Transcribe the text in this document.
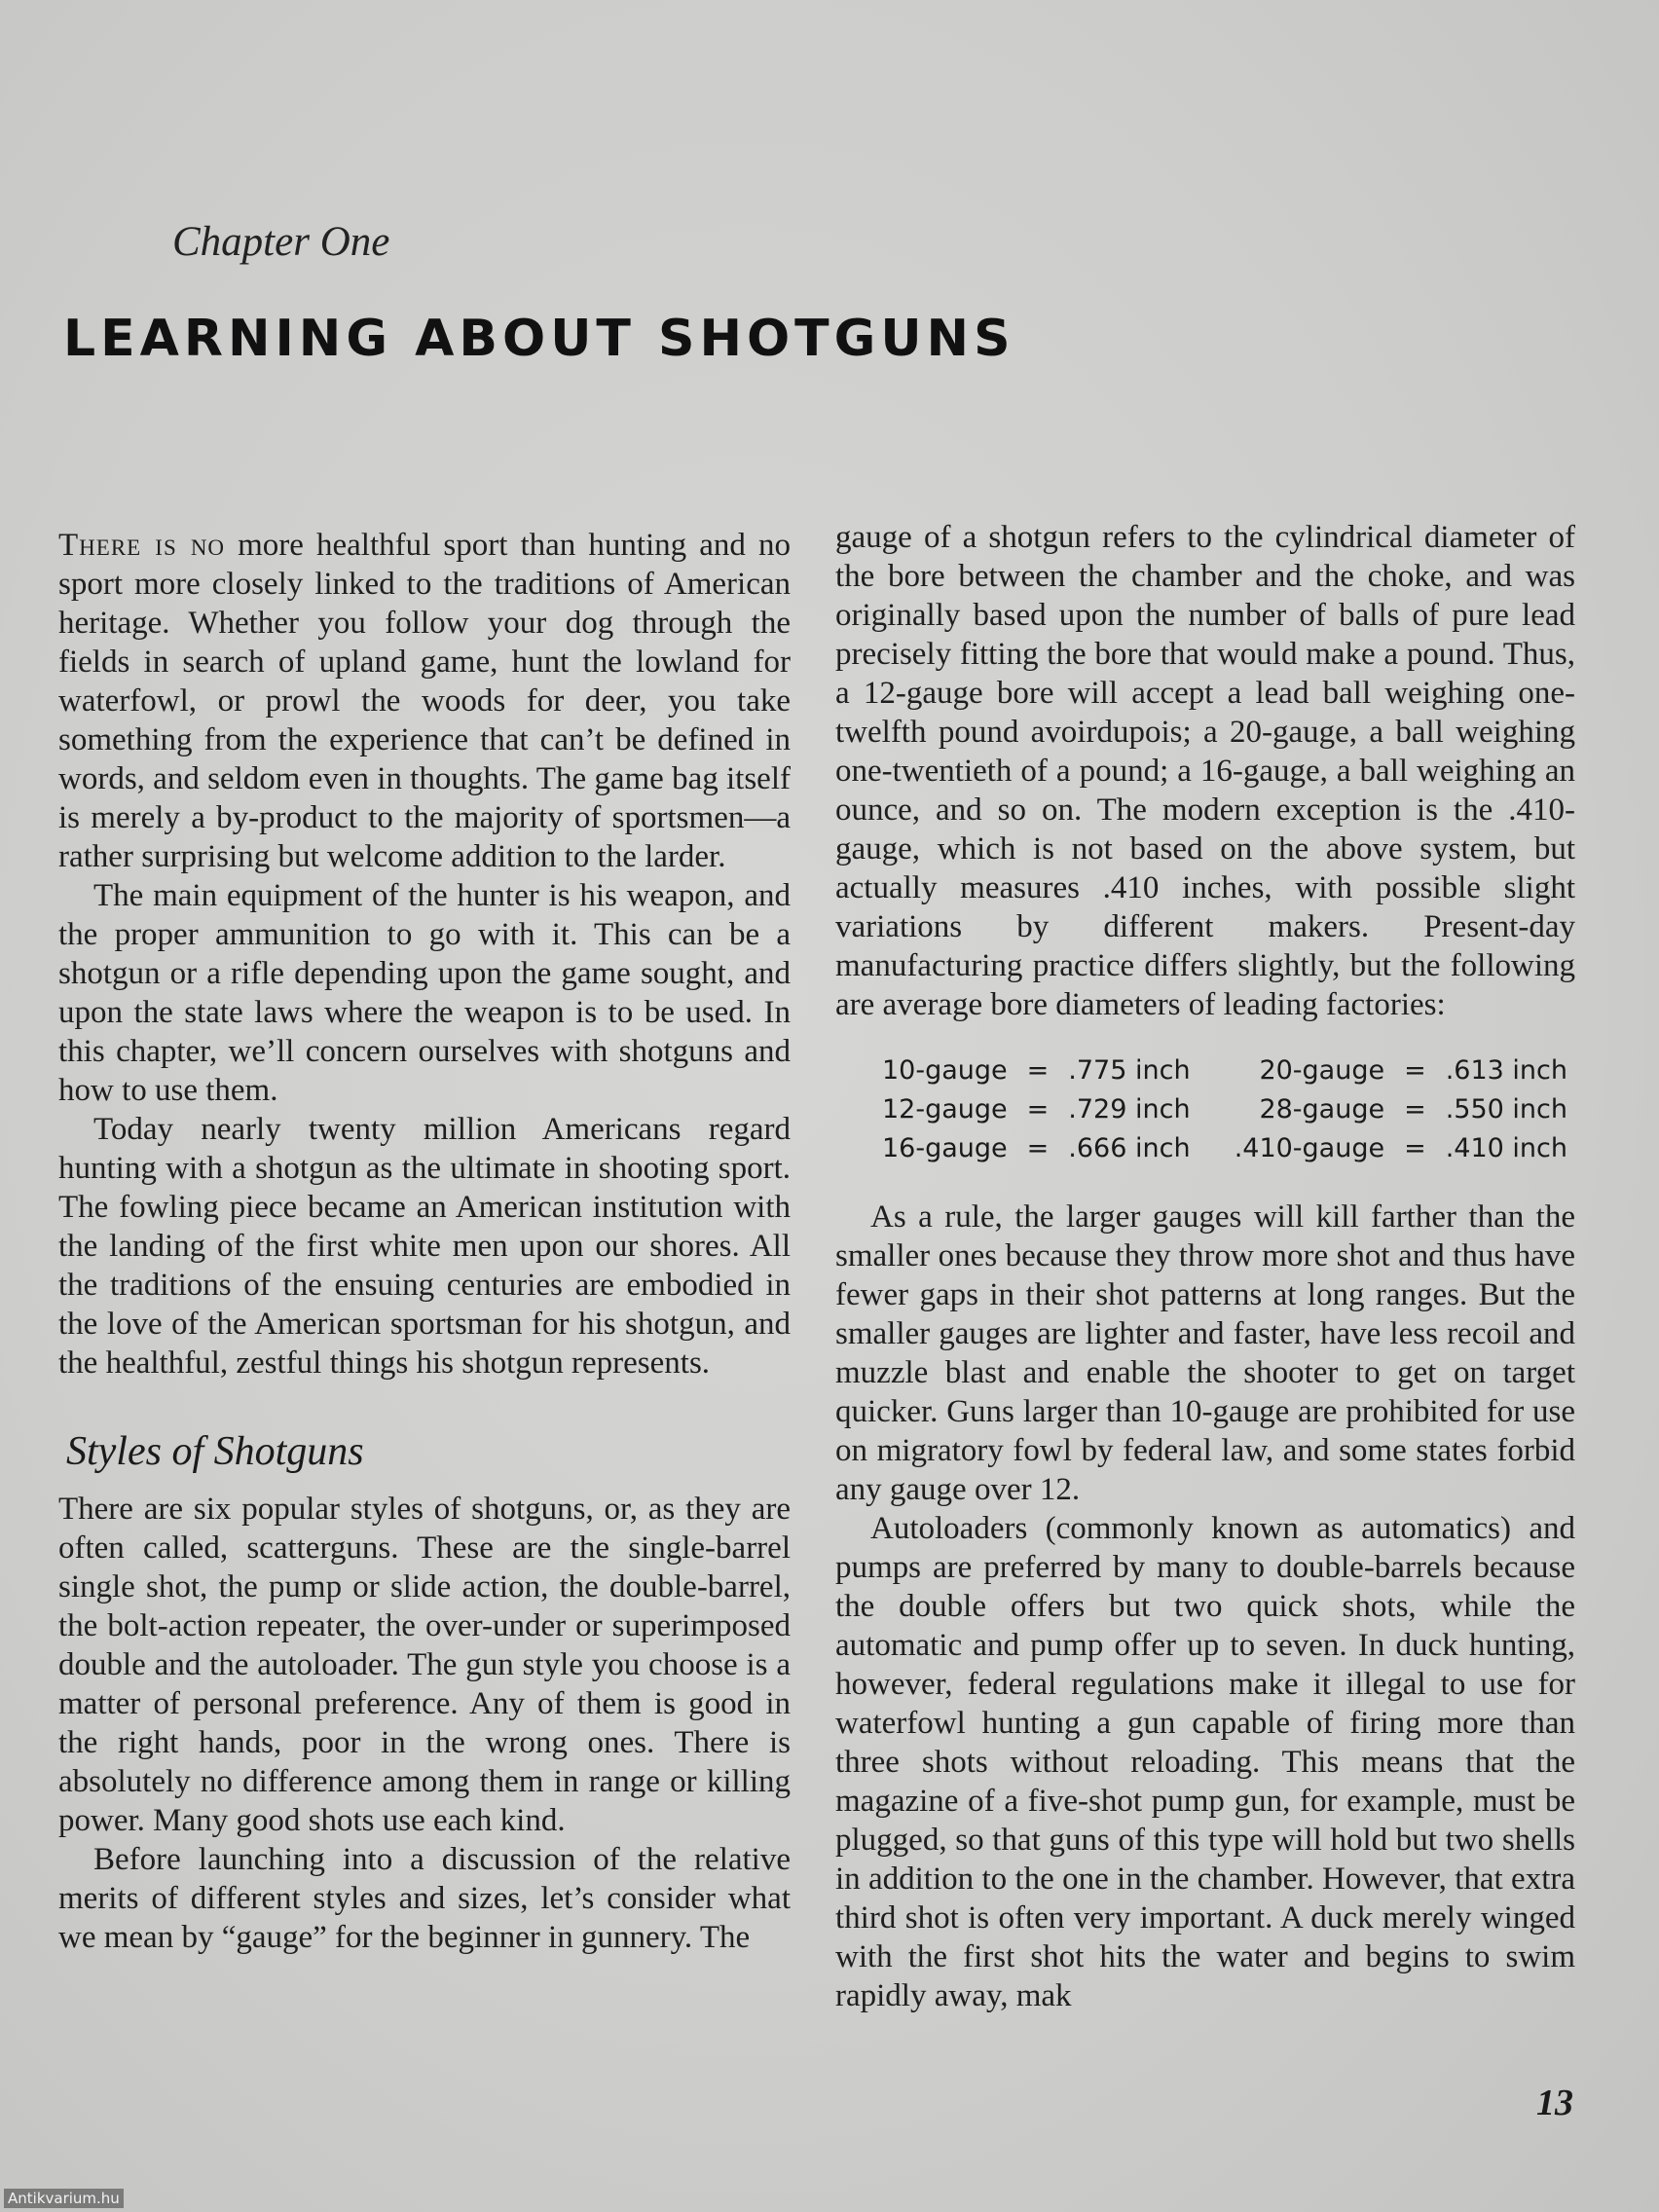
Chapter One
LEARNING ABOUT SHOTGUNS

There is no more healthful sport than hunting and no sport more closely linked to the traditions of American heritage. Whether you follow your dog through the fields in search of upland game, hunt the lowland for waterfowl, or prowl the woods for deer, you take something from the experience that can’t be defined in words, and seldom even in thoughts. The game bag itself is merely a by-product to the majority of sportsmen—a rather surprising but welcome addition to the larder.

The main equipment of the hunter is his weapon, and the proper ammunition to go with it. This can be a shotgun or a rifle depending upon the game sought, and upon the state laws where the weapon is to be used. In this chapter, we’ll concern ourselves with shotguns and how to use them.

Today nearly twenty million Americans regard hunting with a shotgun as the ultimate in shooting sport. The fowling piece became an American institution with the landing of the first white men upon our shores. All the traditions of the ensuing centuries are embodied in the love of the American sportsman for his shotgun, and the healthful, zestful things his shotgun represents.

Styles of Shotguns

There are six popular styles of shotguns, or, as they are often called, scatterguns. These are the single-barrel single shot, the pump or slide action, the double-barrel, the bolt-action repeater, the over-under or superimposed double and the autoloader. The gun style you choose is a matter of personal preference. Any of them is good in the right hands, poor in the wrong ones. There is absolutely no difference among them in range or killing power. Many good shots use each kind.

Before launching into a discussion of the relative merits of different styles and sizes, let’s consider what we mean by “gauge” for the beginner in gunnery. The

gauge of a shotgun refers to the cylindrical diameter of the bore between the chamber and the choke, and was originally based upon the number of balls of pure lead precisely fitting the bore that would make a pound. Thus, a 12-gauge bore will accept a lead ball weighing one-twelfth pound avoirdupois; a 20-gauge, a ball weighing one-twentieth of a pound; a 16-gauge, a ball weighing an ounce, and so on. The modern exception is the .410-gauge, which is not based on the above system, but actually measures .410 inches, with possible slight variations by different makers. Present-day manufacturing practice differs slightly, but the following are average bore diameters of leading factories:

10-gauge	=	.775 inch		20-gauge	=	.613 inch
12-gauge	=	.729 inch		28-gauge	=	.550 inch
16-gauge	=	.666 inch		.410-gauge	=	.410 inch

As a rule, the larger gauges will kill farther than the smaller ones because they throw more shot and thus have fewer gaps in their shot patterns at long ranges. But the smaller gauges are lighter and faster, have less recoil and muzzle blast and enable the shooter to get on target quicker. Guns larger than 10-gauge are prohibited for use on migratory fowl by federal law, and some states forbid any gauge over 12.

Autoloaders (commonly known as automatics) and pumps are preferred by many to double-barrels because the double offers but two quick shots, while the automatic and pump offer up to seven. In duck hunting, however, federal regulations make it illegal to use for waterfowl hunting a gun capable of firing more than three shots without reloading. This means that the magazine of a five-shot pump gun, for example, must be plugged, so that guns of this type will hold but two shells in addition to the one in the chamber. However, that extra third shot is often very important. A duck merely winged with the first shot hits the water and begins to swim rapidly away, mak

13
Antikvarium.hu
